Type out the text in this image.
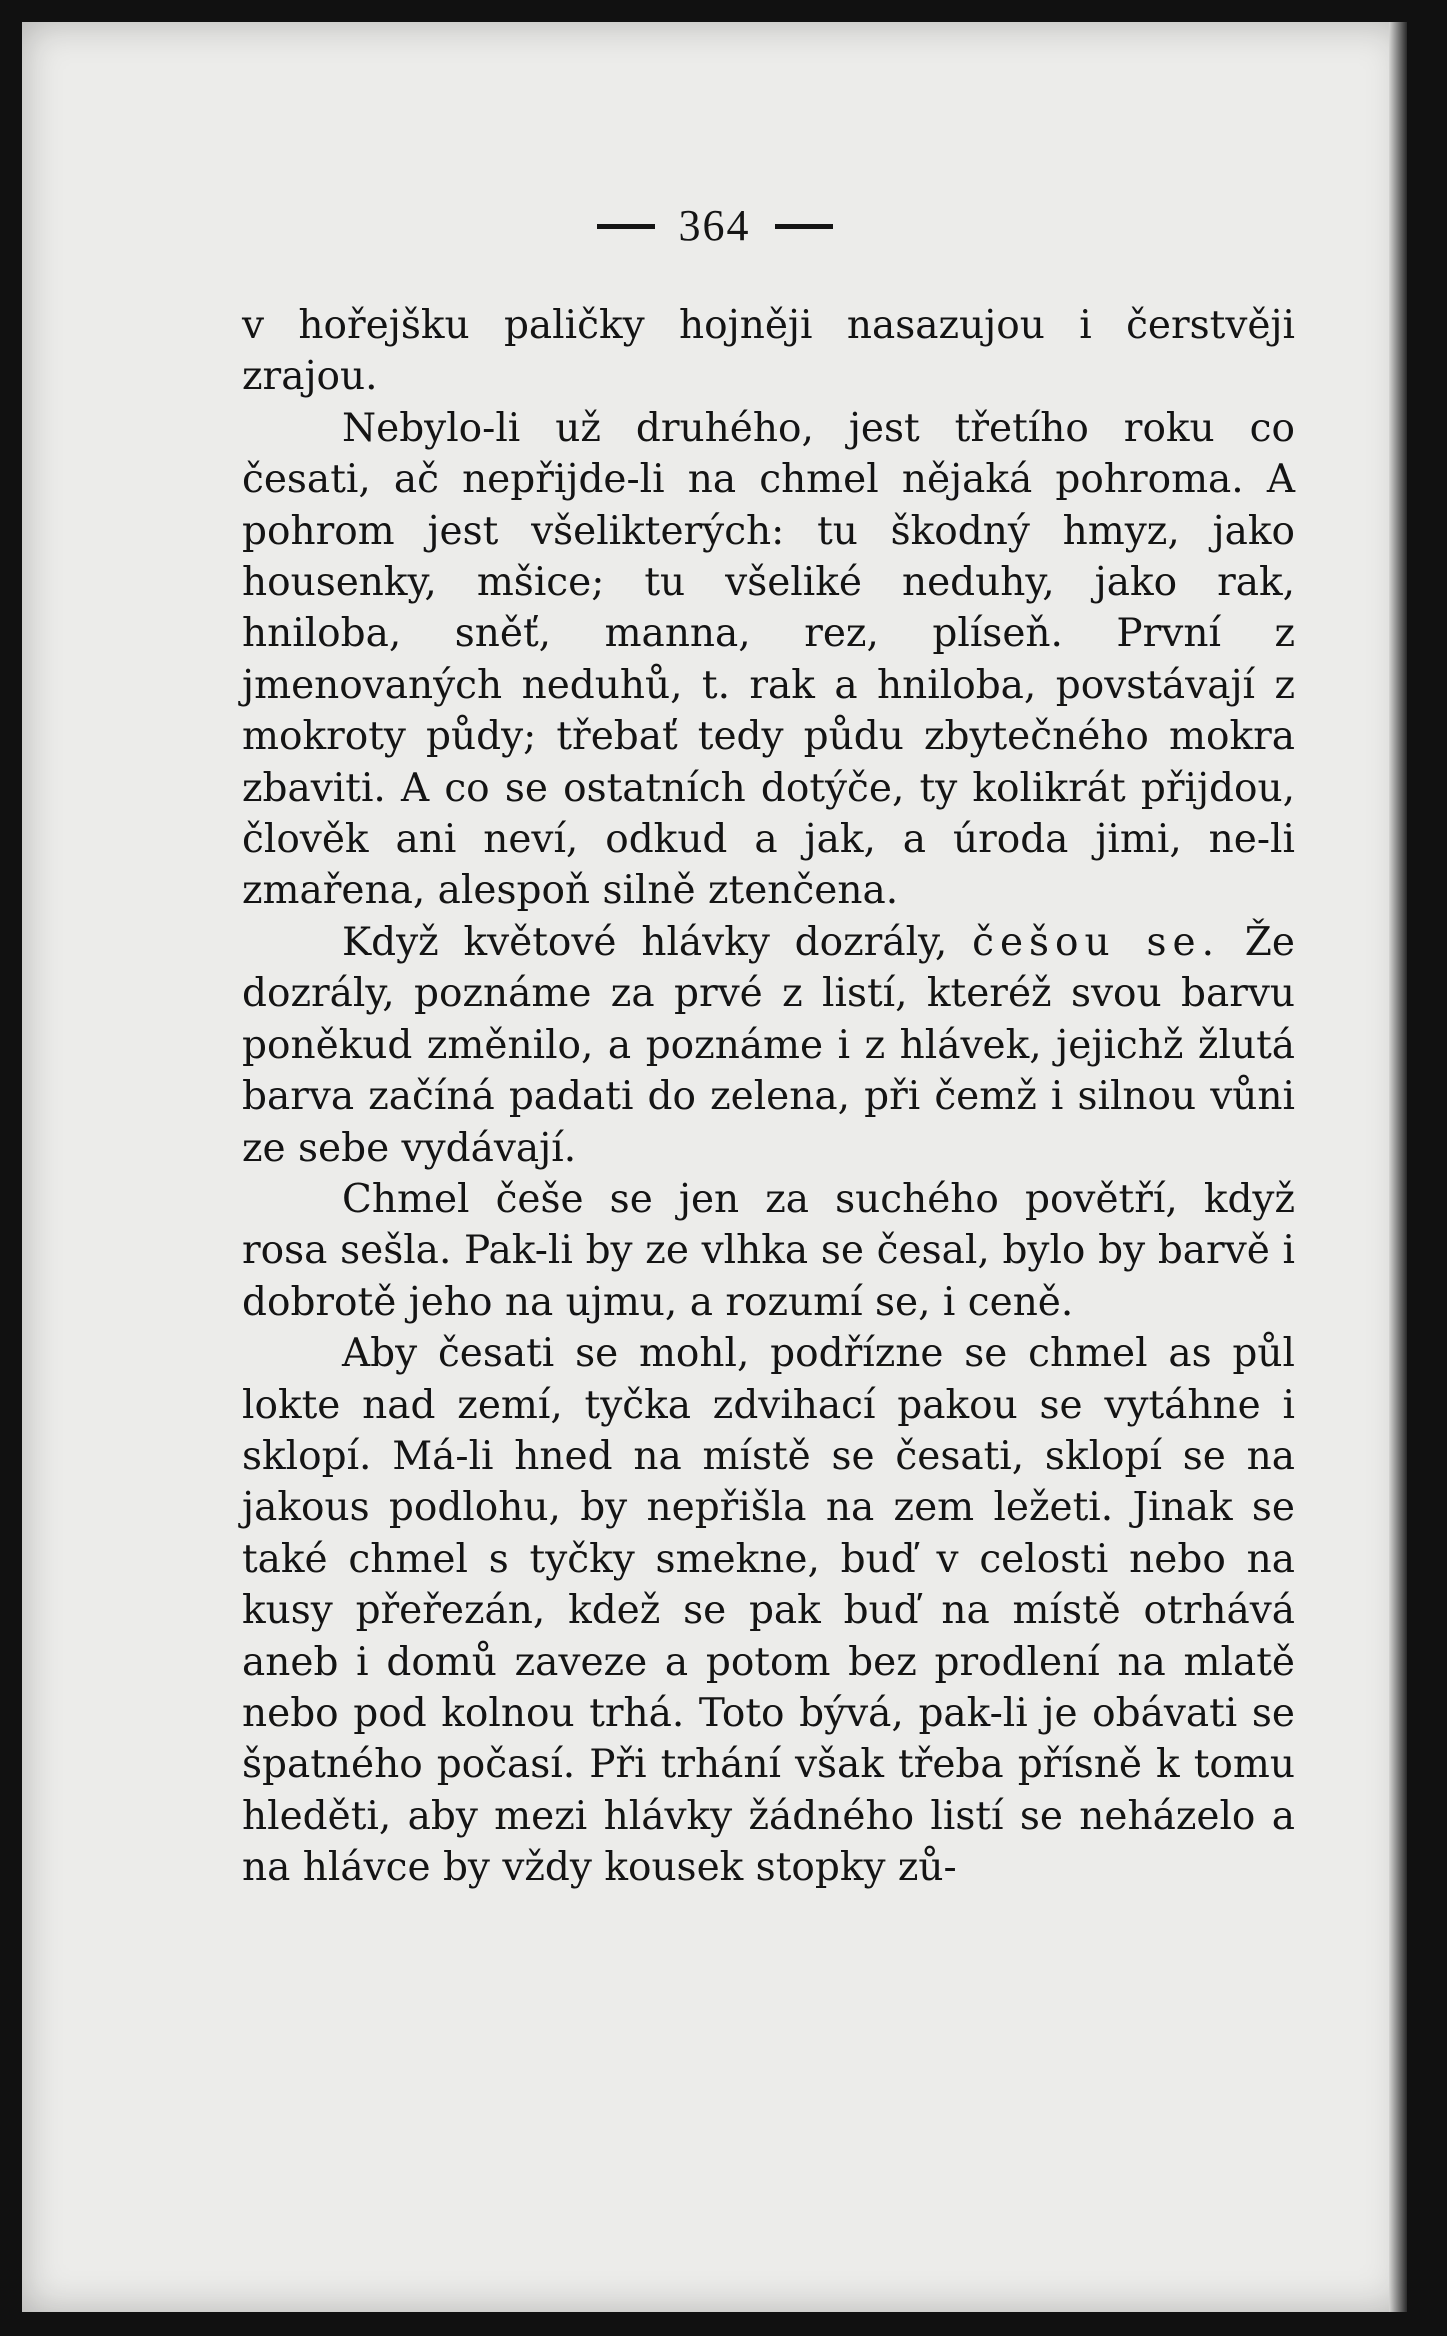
364

v hořejšku paličky hojněji nasazujou i čerstvěji zrajou.

Nebylo-li už druhého, jest třetího roku co česati, ač nepřijde-li na chmel nějaká pohroma. A pohrom jest všelikterých: tu škodný hmyz, jako housenky, mšice; tu všeliké neduhy, jako rak, hniloba, sněť, manna, rez, plíseň. První z jmenovaných neduhů, t. rak a hniloba, povstávají z mokroty půdy; třebať tedy půdu zbytečného mokra zbaviti. A co se ostatních dotýče, ty kolikrát přijdou, člověk ani neví, odkud a jak, a úroda jimi, ne-li zmařena, alespoň silně ztenčena.

Když květové hlávky dozrály, češou se. Že dozrály, poznáme za prvé z listí, kteréž svou barvu poněkud změnilo, a poznáme i z hlávek, jejichž žlutá barva začíná padati do zelena, při čemž i silnou vůni ze sebe vydávají.

Chmel češe se jen za suchého povětří, když rosa sešla. Pak-li by ze vlhka se česal, bylo by barvě i dobrotě jeho na ujmu, a rozumí se, i ceně.

Aby česati se mohl, podřízne se chmel as půl lokte nad zemí, tyčka zdvihací pakou se vytáhne i sklopí. Má-li hned na místě se česati, sklopí se na jakous podlohu, by nepřišla na zem ležeti. Jinak se také chmel s tyčky smekne, buď v celosti nebo na kusy přeřezán, kdež se pak buď na místě otrhává aneb i domů zaveze a potom bez prodlení na mlatě nebo pod kolnou trhá. Toto bývá, pak-li je obávati se špatného počasí. Při trhání však třeba přísně k tomu hleděti, aby mezi hlávky žádného listí se neházelo a na hlávce by vždy kousek stopky zů-
